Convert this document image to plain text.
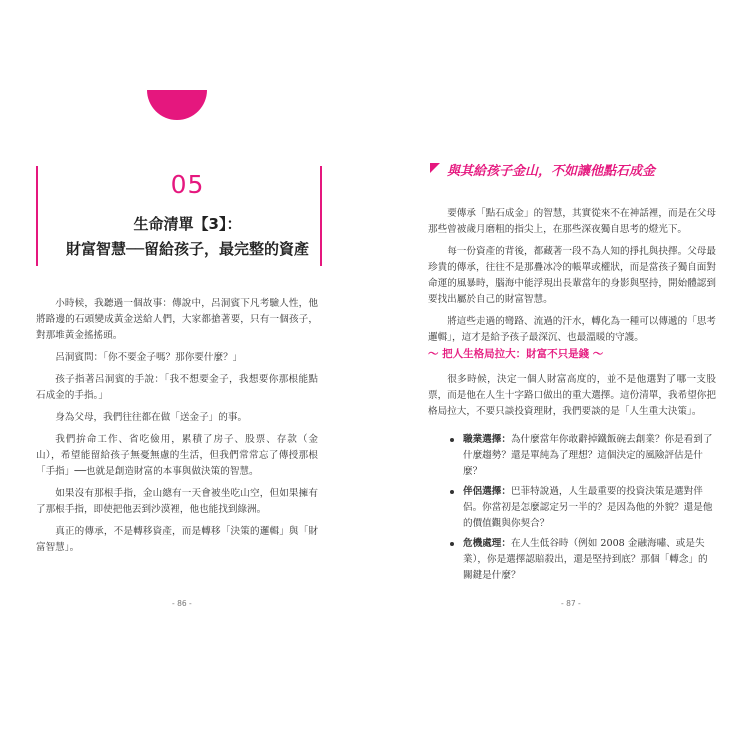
05
生命清單【3】：
財富智慧──留給孩子，最完整的資產

小時候，我聽過一個故事：傳說中，呂洞賓下凡考驗人性，他將路邊的石頭變成黃金送給人們，大家都搶著要，只有一個孩子，對那堆黃金搖搖頭。

呂洞賓問：「你不要金子嗎？那你要什麼？」

孩子指著呂洞賓的手說：「我不想要金子，我想要你那根能點石成金的手指。」

身為父母，我們往往都在做「送金子」的事。

我們拚命工作、省吃儉用，累積了房子、股票、存款（金山），希望能留給孩子無憂無慮的生活，但我們常常忘了傳授那根「手指」──也就是創造財富的本事與做決策的智慧。

如果沒有那根手指，金山總有一天會被坐吃山空，但如果擁有了那根手指，即使把他丟到沙漠裡，他也能找到綠洲。

真正的傳承，不是轉移資產，而是轉移「決策的邏輯」與「財富智慧」。

- 86 -
與其給孩子金山，不如讓他點石成金

要傳承「點石成金」的智慧，其實從來不在神話裡，而是在父母那些曾被歲月磨粗的指尖上，在那些深夜獨自思考的燈光下。

每一份資產的背後，都藏著一段不為人知的掙扎與抉擇。父母最珍貴的傳承，往往不是那疊冰冷的帳單或權狀，而是當孩子獨自面對命運的風暴時，腦海中能浮現出長輩當年的身影與堅持，開始體認到要找出屬於自己的財富智慧。

將這些走過的彎路、流過的汗水，轉化為一種可以傳遞的「思考邏輯」，這才是給予孩子最深沉、也最溫暖的守護。

～ 把人生格局拉大：財富不只是錢 ～

很多時候，決定一個人財富高度的，並不是他選對了哪一支股票，而是他在人生十字路口做出的重大選擇。這份清單，我希望你把格局拉大，不要只談投資理財，我們要談的是「人生重大決策」。

職業選擇：為什麼當年你敢辭掉鐵飯碗去創業？你是看到了什麼趨勢？還是單純為了理想？這個決定的風險評估是什麼？
伴侶選擇：巴菲特說過，人生最重要的投資決策是選對伴侶。你當初是怎麼認定另一半的？是因為他的外貌？還是他的價值觀與你契合？
危機處理：在人生低谷時（例如 2008 金融海嘯、或是失業），你是選擇認賠殺出，還是堅持到底？那個「轉念」的關鍵是什麼？
- 87 -
